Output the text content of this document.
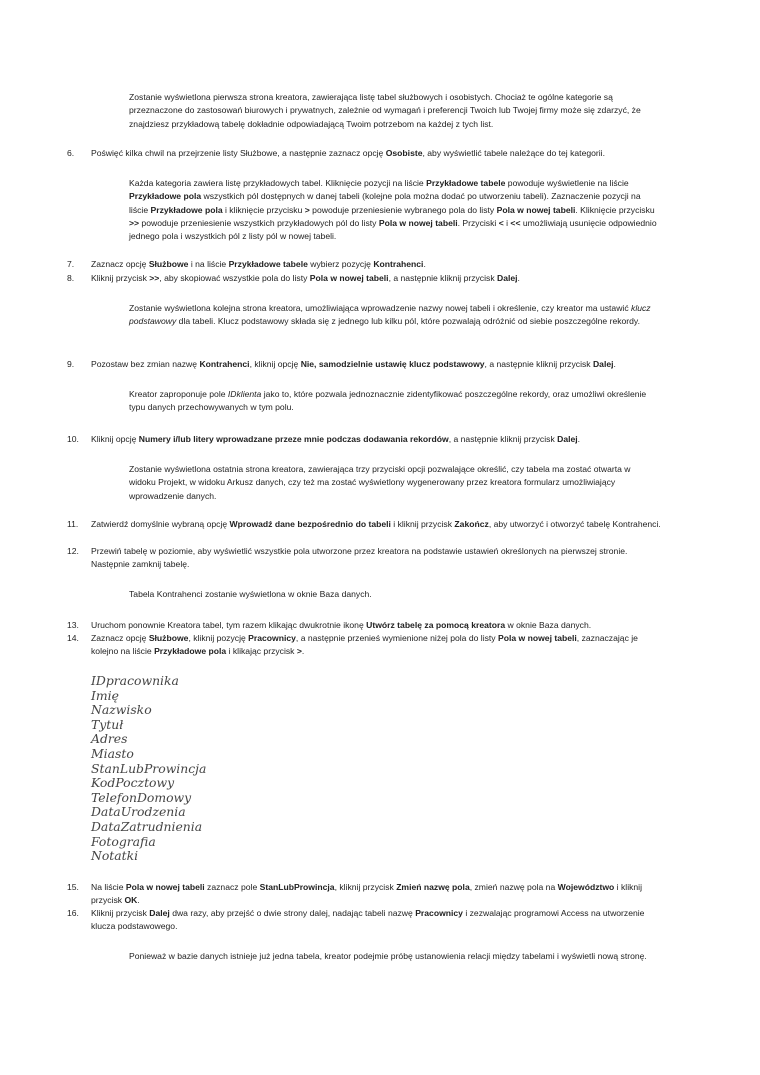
Zostanie wyświetlona pierwsza strona kreatora, zawierająca listę tabel służbowych i osobistych. Chociaż te ogólne kategorie są przeznaczone do zastosowań biurowych i prywatnych, zależnie od wymagań i preferencji Twoich lub Twojej firmy może się zdarzyć, że znajdziesz przykładową tabelę dokładnie odpowiadającą Twoim potrzebom na każdej z tych list.
6.	Poświęć kilka chwil na przejrzenie listy Służbowe, a następnie zaznacz opcję Osobiste, aby wyświetlić tabele należące do tej kategorii.
Każda kategoria zawiera listę przykładowych tabel. Kliknięcie pozycji na liście Przykładowe tabele powoduje wyświetlenie na liście Przykładowe pola wszystkich pól dostępnych w danej tabeli (kolejne pola można dodać po utworzeniu tabeli). Zaznaczenie pozycji na liście Przykładowe pola i kliknięcie przycisku > powoduje przeniesienie wybranego pola do listy Pola w nowej tabeli. Kliknięcie przycisku >> powoduje przeniesienie wszystkich przykładowych pól do listy Pola w nowej tabeli. Przyciski < i << umożliwiają usunięcie odpowiednio jednego pola i wszystkich pól z listy pól w nowej tabeli.
7.	Zaznacz opcję Służbowe i na liście Przykładowe tabele wybierz pozycję Kontrahenci.
8.	Kliknij przycisk >>, aby skopiować wszystkie pola do listy Pola w nowej tabeli, a następnie kliknij przycisk Dalej.
Zostanie wyświetlona kolejna strona kreatora, umożliwiająca wprowadzenie nazwy nowej tabeli i określenie, czy kreator ma ustawić klucz podstawowy dla tabeli. Klucz podstawowy składa się z jednego lub kilku pól, które pozwalają odróżnić od siebie poszczególne rekordy.
9.	Pozostaw bez zmian nazwę Kontrahenci, kliknij opcję Nie, samodzielnie ustawię klucz podstawowy, a następnie kliknij przycisk Dalej.
Kreator zaproponuje pole IDklienta jako to, które pozwala jednoznacznie zidentyfikować poszczególne rekordy, oraz umożliwi określenie typu danych przechowywanych w tym polu.
10.	Kliknij opcję Numery i/lub litery wprowadzane przeze mnie podczas dodawania rekordów, a następnie kliknij przycisk Dalej.
Zostanie wyświetlona ostatnia strona kreatora, zawierająca trzy przyciski opcji pozwalające określić, czy tabela ma zostać otwarta w widoku Projekt, w widoku Arkusz danych, czy też ma zostać wyświetlony wygenerowany przez kreatora formularz umożliwiający wprowadzenie danych.
11.	Zatwierdź domyślnie wybraną opcję Wprowadź dane bezpośrednio do tabeli i kliknij przycisk Zakończ, aby utworzyć i otworzyć tabelę Kontrahenci.
12.	Przewiń tabelę w poziomie, aby wyświetlić wszystkie pola utworzone przez kreatora na podstawie ustawień określonych na pierwszej stronie. Następnie zamknij tabelę.
Tabela Kontrahenci zostanie wyświetlona w oknie Baza danych.
13.	Uruchom ponownie Kreatora tabel, tym razem klikając dwukrotnie ikonę Utwórz tabelę za pomocą kreatora w oknie Baza danych.
14.	Zaznacz opcję Służbowe, kliknij pozycję Pracownicy, a następnie przenieś wymienione niżej pola do listy Pola w nowej tabeli, zaznaczając je kolejno na liście Przykładowe pola i klikając przycisk >.
IDpracownika
Imię
Nazwisko
Tytuł
Adres
Miasto
StanLubProwincja
KodPocztowy
TelefonDomowy
DataUrodzenia
DataZatrudnienia
Fotografia
Notatki
15.	Na liście Pola w nowej tabeli zaznacz pole StanLubProwincja, kliknij przycisk Zmień nazwę pola, zmień nazwę pola na Województwo i kliknij przycisk OK.
16.	Kliknij przycisk Dalej dwa razy, aby przejść o dwie strony dalej, nadając tabeli nazwę Pracownicy i zezwalając programowi Access na utworzenie klucza podstawowego.
Ponieważ w bazie danych istnieje już jedna tabela, kreator podejmie próbę ustanowienia relacji między tabelami i wyświetli nową stronę.
